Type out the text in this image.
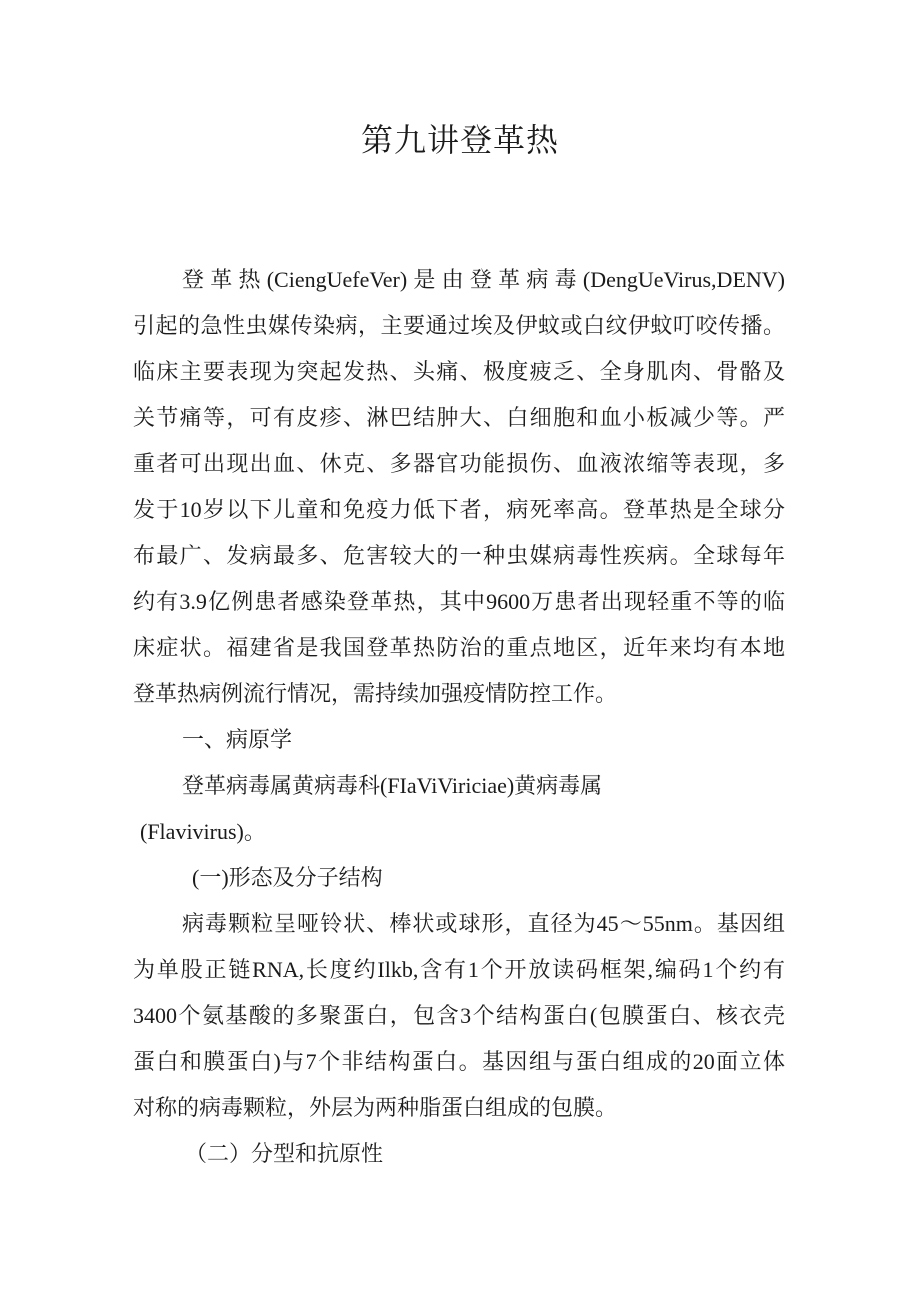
第九讲登革热
登革热(CiengUefeVer)是由登革病毒(DengUeVirus,DENV)
引起的急性虫媒传染病，主要通过埃及伊蚊或白纹伊蚊叮咬传播。
临床主要表现为突起发热、头痛、极度疲乏、全身肌肉、骨骼及
关节痛等，可有皮疹、淋巴结肿大、白细胞和血小板减少等。严
重者可出现出血、休克、多器官功能损伤、血液浓缩等表现，多
发于10岁以下儿童和免疫力低下者，病死率高。登革热是全球分
布最广、发病最多、危害较大的一种虫媒病毒性疾病。全球每年
约有3.9亿例患者感染登革热，其中9600万患者出现轻重不等的临
床症状。福建省是我国登革热防治的重点地区，近年来均有本地
登革热病例流行情况，需持续加强疫情防控工作。
一、病原学
登革病毒属黄病毒科(FIaViViriciae)黄病毒属
(Flavivirus)。
(一)形态及分子结构
病毒颗粒呈哑铃状、棒状或球形，直径为45～55nm。基因组
为单股正链RNA,长度约Ilkb,含有1个开放读码框架,编码1个约有
3400个氨基酸的多聚蛋白，包含3个结构蛋白(包膜蛋白、核衣壳
蛋白和膜蛋白)与7个非结构蛋白。基因组与蛋白组成的20面立体
对称的病毒颗粒，外层为两种脂蛋白组成的包膜。
（二）分型和抗原性
